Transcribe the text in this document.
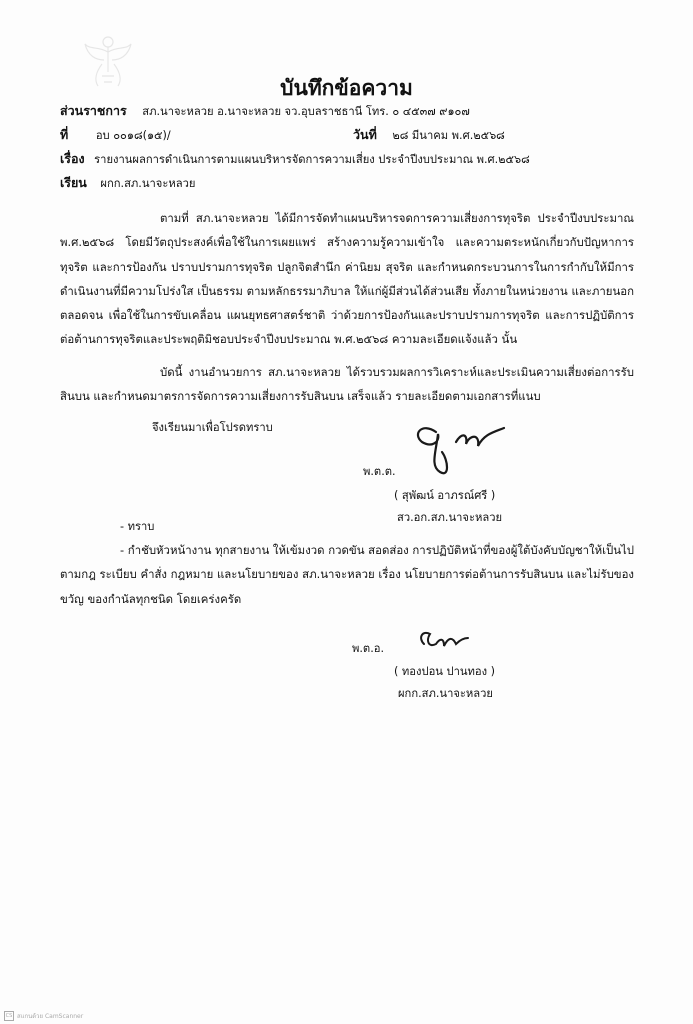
บันทึกข้อความ
ส่วนราชการ สภ.นาจะหลวย อ.นาจะหลวย จว.อุบลราชธานี โทร. ๐ ๔๕๓๗ ๙๑๐๗
ที่ อบ ๐๐๑๘(๑๕)/	วันที่ ๒๘ มีนาคม พ.ศ.๒๕๖๘
เรื่อง รายงานผลการดำเนินการตามแผนบริหารจัดการความเสี่ยง ประจำปีงบประมาณ พ.ศ.๒๕๖๘
เรียน ผกก.สภ.นาจะหลวย
ตามที่ สภ.นาจะหลวย ได้มีการจัดทำแผนบริหารจดการความเสี่ยงการทุจริต ประจำปีงบประมาณ พ.ศ.๒๕๖๘ โดยมีวัตถุประสงค์เพื่อใช้ในการเผยแพร่ สร้างความรู้ความเข้าใจ และความตระหนักเกี่ยวกับปัญหาการทุจริต และการป้องกัน ปราบปรามการทุจริต ปลูกจิตสำนึก ค่านิยม สุจริต และกำหนดกระบวนการในการกำกับให้มีการดำเนินงานที่มีความโปร่งใส เป็นธรรม ตามหลักธรรมาภิบาล ให้แก่ผู้มีส่วนได้ส่วนเสีย ทั้งภายในหน่วยงาน และภายนอก ตลอดจน เพื่อใช้ในการขับเคลื่อน แผนยุทธศาสตร์ชาติ ว่าด้วยการป้องกันและปราบปรามการทุจริต และการปฏิบัติการต่อต้านการทุจริตและประพฤติมิชอบประจำปีงบประมาณ พ.ศ.๒๕๖๘ ความละเอียดแจ้งแล้ว นั้น
บัดนี้ งานอำนวยการ สภ.นาจะหลวย ได้รวบรวมผลการวิเคราะห์และประเมินความเสี่ยงต่อการรับสินบน และกำหนดมาตรการจัดการความเสี่ยงการรับสินบน เสร็จแล้ว รายละเอียดตามเอกสารที่แนบ
จึงเรียนมาเพื่อโปรดทราบ
พ.ต.ต.
( สุพัฒน์ อาภรณ์ศรี )
สว.อก.สภ.นาจะหลวย
- ทราบ
- กำชับหัวหน้างาน ทุกสายงาน ให้เข้มงวด กวดขัน สอดส่อง การปฏิบัติหน้าที่ของผู้ใต้บังคับบัญชาให้เป็นไปตามกฎ ระเบียบ คำสั่ง กฎหมาย และนโยบายของ สภ.นาจะหลวย เรื่อง นโยบายการต่อต้านการรับสินบน และไม่รับของขวัญ ของกำนัลทุกชนิด โดยเคร่งครัด
พ.ต.อ.
( ทองปอน ปานทอง )
ผกก.สภ.นาจะหลวย
CS สแกนด้วย CamScanner
